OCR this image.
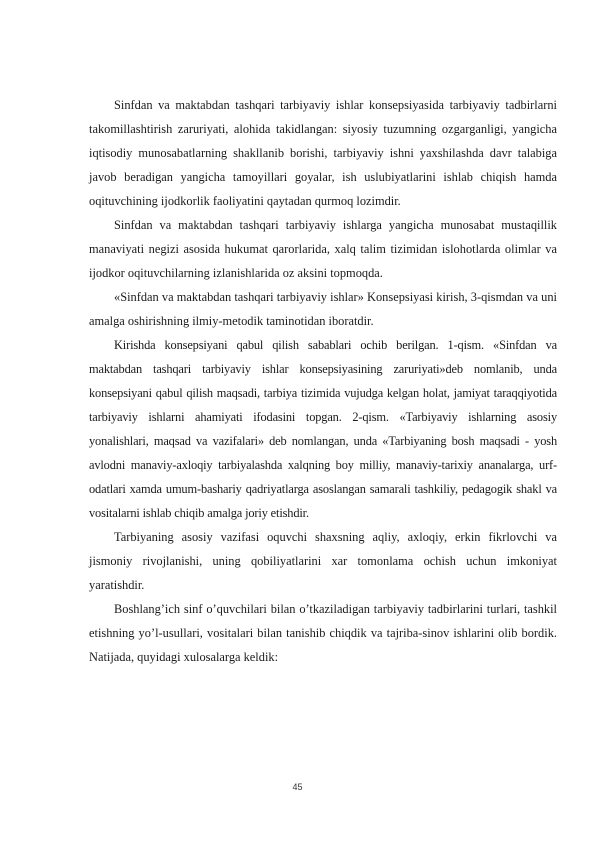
Sinfdan va maktabdan tashqari tarbiyaviy ishlar konsepsiyasida tarbiyaviy tadbirlarni takomillashtirish zaruriyati, alohida takidlangan: siyosiy tuzumning ozgarganligi, yangicha iqtisodiy munosabatlarning shakllanib borishi, tarbiyaviy ishni yaxshilashda davr talabiga javob beradigan yangicha tamoyillari goyalar, ish uslubiyatlarini ishlab chiqish hamda oqituvchining ijodkorlik faoliyatini qaytadan qurmoq lozimdir.

Sinfdan va maktabdan tashqari tarbiyaviy ishlarga yangicha munosabat mustaqillik manaviyati negizi asosida hukumat qarorlarida, xalq talim tizimidan islohotlarda olimlar va ijodkor oqituvchilarning izlanishlarida oz aksini topmoqda.

«Sinfdan va maktabdan tashqari tarbiyaviy ishlar» Konsepsiyasi kirish, 3-qismdan va uni amalga oshirishning ilmiy-metodik taminotidan iboratdir.

Kirishda konsepsiyani qabul qilish sabablari ochib berilgan. 1-qism. «Sinfdan va maktabdan tashqari tarbiyaviy ishlar konsepsiyasining zaruriyati»deb nomlanib, unda konsepsiyani qabul qilish maqsadi, tarbiya tizimida vujudga kelgan holat, jamiyat taraqqiyotida tarbiyaviy ishlarni ahamiyati ifodasini topgan. 2-qism. «Tarbiyaviy ishlarning asosiy yonalishlari, maqsad va vazifalari» deb nomlangan, unda «Tarbiyaning bosh maqsadi - yosh avlodni manaviy-axloqiy tarbiyalashda xalqning boy milliy, manaviy-tarixiy ananalarga, urf-odatlari xamda umum-bashariy qadriyatlarga asoslangan samarali tashkiliy, pedagogik shakl va vositalarni ishlab chiqib amalga joriy etishdir.

Tarbiyaning asosiy vazifasi oquvchi shaxsning aqliy, axloqiy, erkin fikrlovchi va jismoniy rivojlanishi, uning qobiliyatlarini xar tomonlama ochish uchun imkoniyat yaratishdir.

Boshlang’ich sinf o’quvchilari bilan o’tkaziladigan tarbiyaviy tadbirlarini turlari, tashkil etishning yo’l-usullari, vositalari bilan tanishib chiqdik va tajriba-sinov ishlarini olib bordik. Natijada, quyidagi xulosalarga keldik:

45
